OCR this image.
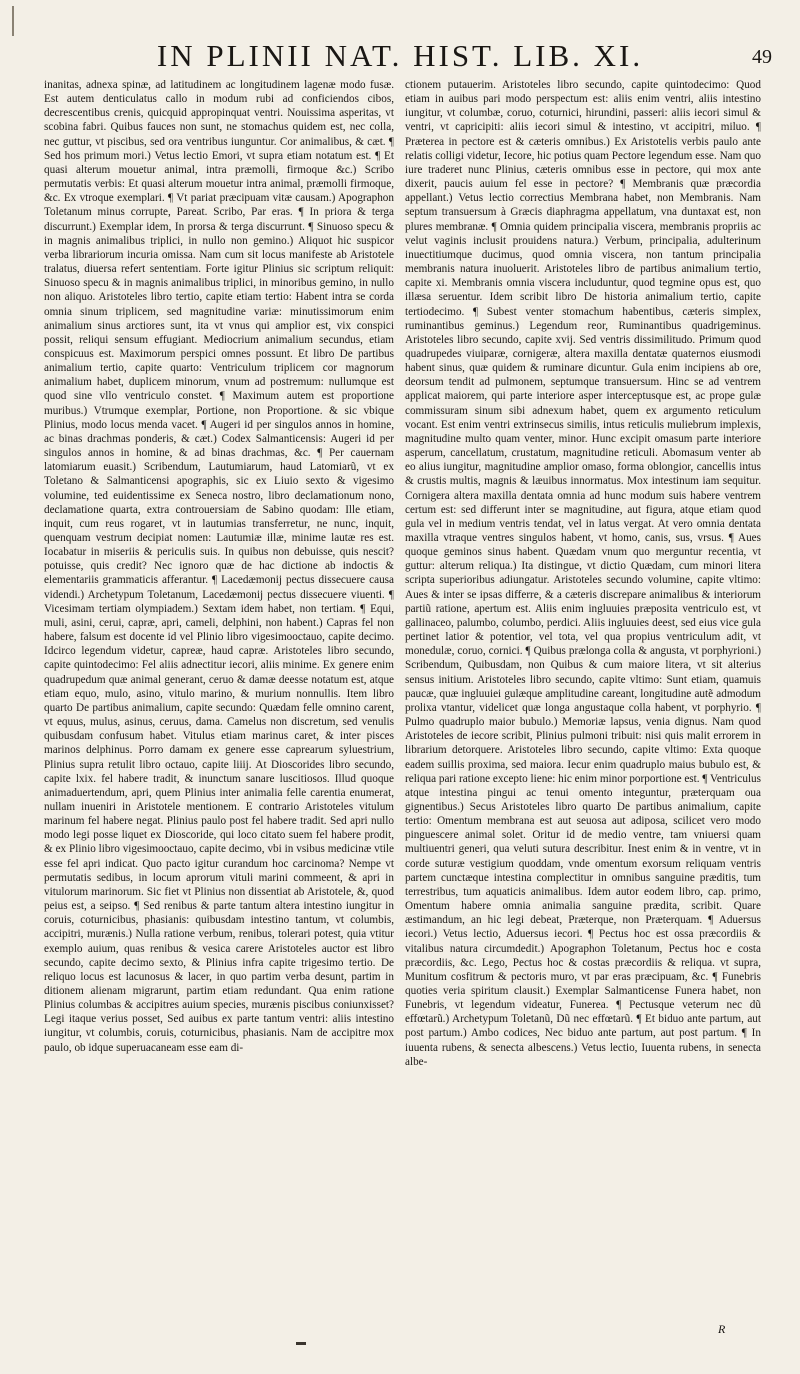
IN PLINII NAT. HIST. LIB. XI.	49

inanitas, adnexa spinæ, ad latitudinem ac longitudinem lagenæ modo fusæ. Est autem denticulatus callo in modum rubi ad conficiendos cibos, decrescentibus crenis, quicquid appropinquat ventri. Nouissima asperitas, vt scobina fabri. Quibus fauces non sunt, ne stomachus quidem est, nec colla, nec guttur, vt piscibus, sed ora ventribus iunguntur. Cor animalibus, & cæt. ¶ Sed hos primum mori.) Vetus lectio Emori, vt supra etiam notatum est. ¶ Et quasi alterum mouetur animal, intra præmolli, firmoque &c.) Scribo permutatis verbis: Et quasi alterum mouetur intra animal, præmolli firmoque, &c. Ex vtroque exemplari. ¶ Vt pariat præcipuam vitæ causam.) Apographon Toletanum minus corrupte, Pareat. Scribo, Par eras. ¶ In priora & terga discurrunt.) Exemplar idem, In prorsa & terga discurrunt. ¶ Sinuoso specu & in magnis animalibus triplici, in nullo non gemino.) Aliquot hic suspicor verba librariorum incuria omissa. Nam cum sit locus manifeste ab Aristotele tralatus, diuersa refert sententiam. Forte igitur Plinius sic scriptum reliquit: Sinuoso specu & in magnis animalibus triplici, in minoribus gemino, in nullo non aliquo. Aristoteles libro tertio, capite etiam tertio: Habent intra se corda omnia sinum triplicem, sed magnitudine variæ: minutissimorum enim animalium sinus arctiores sunt, ita vt vnus qui amplior est, vix conspici possit, reliqui sensum effugiant. Mediocrium animalium secundus, etiam conspicuus est. Maximorum perspici omnes possunt. Et libro De partibus animalium tertio, capite quarto: Ventriculum triplicem cor magnorum animalium habet, duplicem minorum, vnum ad postremum: nullumque est quod sine vllo ventriculo constet. ¶ Maximum autem est proportione muribus.) Vtrumque exemplar, Portione, non Proportione. & sic vbique Plinius, modo locus menda vacet. ¶ Augeri id per singulos annos in homine, ac binas drachmas ponderis, & cæt.) Codex Salmanticensis: Augeri id per singulos annos in homine, & ad binas drachmas, &c. ¶ Per cauernam latomiarum euasit.) Scribendum, Lautumiarum, haud Latomiarũ, vt ex Toletano & Salmanticensi apographis, sic ex Liuio sexto & vigesimo volumine, ted euidentissime ex Seneca nostro, libro declamationum nono, declamatione quarta, extra controuersiam de Sabino quodam: Ille etiam, inquit, cum reus rogaret, vt in lautumias transferretur, ne nunc, inquit, quenquam vestrum decipiat nomen: Lautumiæ illæ, minime lautæ res est. Iocabatur in miseriis & periculis suis. In quibus non debuisse, quis nescit? potuisse, quis credit? Nec ignoro quæ de hac dictione ab indoctis & elementariis grammaticis afferantur. ¶ Lacedæmonij pectus dissecuere causa videndi.) Archetypum Toletanum, Lacedæmonij pectus dissecuere viuenti. ¶ Vicesimam tertiam olympiadem.) Sextam idem habet, non tertiam. ¶ Equi, muli, asini, cerui, capræ, apri, cameli, delphini, non habent.) Capras fel non habere, falsum est docente id vel Plinio libro vigesimooctauo, capite decimo. Idcirco legendum videtur, capreæ, haud capræ. Aristoteles libro secundo, capite quintodecimo: Fel aliis adnectitur iecori, aliis minime. Ex genere enim quadrupedum quæ animal generant, ceruo & damæ deesse notatum est, atque etiam equo, mulo, asino, vitulo marino, & murium nonnullis. Item libro quarto De partibus animalium, capite secundo: Quædam felle omnino carent, vt equus, mulus, asinus, ceruus, dama. Camelus non discretum, sed venulis quibusdam confusum habet. Vitulus etiam marinus caret, & inter pisces marinos delphinus. Porro damam ex genere esse caprearum syluestrium, Plinius supra retulit libro octauo, capite liiij. At Dioscorides libro secundo, capite lxix. fel habere tradit, & inunctum sanare luscitiosos. Illud quoque animaduertendum, apri, quem Plinius inter animalia felle carentia enumerat, nullam inueniri in Aristotele mentionem. E contrario Aristoteles vitulum marinum fel habere negat. Plinius paulo post fel habere tradit. Sed apri nullo modo legi posse liquet ex Dioscoride, qui loco citato suem fel habere prodit, & ex Plinio libro vigesimooctauo, capite decimo, vbi in vsibus medicinæ vtile esse fel apri indicat. Quo pacto igitur curandum hoc carcinoma? Nempe vt permutatis sedibus, in locum aprorum vituli marini commeent, & apri in vitulorum marinorum. Sic fiet vt Plinius non dissentiat ab Aristotele, &, quod peius est, a seipso. ¶ Sed renibus & parte tantum altera intestino iungitur in coruis, coturnicibus, phasianis: quibusdam intestino tantum, vt columbis, accipitri, murænis.) Nulla ratione verbum, renibus, tolerari potest, quia vtitur exemplo auium, quas renibus & vesica carere Aristoteles auctor est libro secundo, capite decimo sexto, & Plinius infra capite trigesimo tertio. De reliquo locus est lacunosus & lacer, in quo partim verba desunt, partim in ditionem alienam migrarunt, partim etiam redundant. Qua enim ratione Plinius columbas & accipitres auium species, murænis piscibus coniunxisset? Legi itaque verius posset, Sed auibus ex parte tantum ventri: aliis intestino iungitur, vt columbis, coruis, coturnicibus, phasianis. Nam de accipitre mox paulo, ob idque superuacaneam esse eam di-

ctionem putauerim. Aristoteles libro secundo, capite quintodecimo: Quod etiam in auibus pari modo perspectum est: aliis enim ventri, aliis intestino iungitur, vt columbæ, coruo, coturnici, hirundini, passeri: aliis iecori simul & ventri, vt capricipiti: aliis iecori simul & intestino, vt accipitri, miluo. ¶ Præterea in pectore est & cæteris omnibus.) Ex Aristotelis verbis paulo ante relatis colligi videtur, Iecore, hic potius quam Pectore legendum esse. Nam quo iure traderet nunc Plinius, cæteris omnibus esse in pectore, qui mox ante dixerit, paucis auium fel esse in pectore? ¶ Membranis quæ præcordia appellant.) Vetus lectio correctius Membrana habet, non Membranis. Nam septum transuersum à Græcis diaphragma appellatum, vna duntaxat est, non plures membranæ. ¶ Omnia quidem principalia viscera, membranis propriis ac velut vaginis inclusit prouidens natura.) Verbum, principalia, adulterinum inuectitiumque ducimus, quod omnia viscera, non tantum principalia membranis natura inuoluerit. Aristoteles libro de partibus animalium tertio, capite xi. Membranis omnia viscera includuntur, quod tegmine opus est, quo illæsa seruentur. Idem scribit libro De historia animalium tertio, capite tertiodecimo. ¶ Subest venter stomachum habentibus, cæteris simplex, ruminantibus geminus.) Legendum reor, Ruminantibus quadrigeminus. Aristoteles libro secundo, capite xvij. Sed ventris dissimilitudo. Primum quod quadrupedes viuiparæ, cornigeræ, altera maxilla dentatæ quaternos eiusmodi habent sinus, quæ quidem & ruminare dicuntur. Gula enim incipiens ab ore, deorsum tendit ad pulmonem, septumque transuersum. Hinc se ad ventrem applicat maiorem, qui parte interiore asper interceptusque est, ac prope gulæ commissuram sinum sibi adnexum habet, quem ex argumento reticulum vocant. Est enim ventri extrinsecus similis, intus reticulis muliebrum implexis, magnitudine multo quam venter, minor. Hunc excipit omasum parte interiore asperum, cancellatum, crustatum, magnitudine reticuli. Abomasum venter ab eo alius iungitur, magnitudine amplior omaso, forma oblongior, cancellis intus & crustis multis, magnis & læuibus innormatus. Mox intestinum iam sequitur. Cornigera altera maxilla dentata omnia ad hunc modum suis habere ventrem certum est: sed differunt inter se magnitudine, aut figura, atque etiam quod gula vel in medium ventris tendat, vel in latus vergat. At vero omnia dentata maxilla vtraque ventres singulos habent, vt homo, canis, sus, vrsus. ¶ Aues quoque geminos sinus habent. Quædam vnum quo merguntur recentia, vt guttur: alterum reliqua.) Ita distingue, vt dictio Quædam, cum minori litera scripta superioribus adiungatur. Aristoteles secundo volumine, capite vltimo: Aues & inter se ipsas differre, & a cæteris discrepare animalibus & interiorum partiũ ratione, apertum est. Aliis enim ingluuies præposita ventriculo est, vt gallinaceo, palumbo, columbo, perdici. Aliis ingluuies deest, sed eius vice gula pertinet latior & potentior, vel tota, vel qua propius ventriculum adit, vt monedulæ, coruo, cornici. ¶ Quibus prælonga colla & angusta, vt porphyrioni.) Scribendum, Quibusdam, non Quibus & cum maiore litera, vt sit alterius sensus initium. Aristoteles libro secundo, capite vltimo: Sunt etiam, quamuis paucæ, quæ ingluuiei gulæque amplitudine careant, longitudine autẽ admodum prolixa vtantur, videlicet quæ longa angustaque colla habent, vt porphyrio. ¶ Pulmo quadruplo maior bubulo.) Memoriæ lapsus, venia dignus. Nam quod Aristoteles de iecore scribit, Plinius pulmoni tribuit: nisi quis malit errorem in librarium detorquere. Aristoteles libro secundo, capite vltimo: Exta quoque eadem suillis proxima, sed maiora. Iecur enim quadruplo maius bubulo est, & reliqua pari ratione excepto liene: hic enim minor porportione est. ¶ Ventriculus atque intestina pingui ac tenui omento integuntur, præterquam oua gignentibus.) Secus Aristoteles libro quarto De partibus animalium, capite tertio: Omentum membrana est aut seuosa aut adiposa, scilicet vero modo pinguescere animal solet. Oritur id de medio ventre, tam vniuersi quam multiuentri generi, qua veluti sutura describitur. Inest enim & in ventre, vt in corde suturæ vestigium quoddam, vnde omentum exorsum reliquam ventris partem cunctæque intestina complectitur in omnibus sanguine præditis, tum terrestribus, tum aquaticis animalibus. Idem autor eodem libro, cap. primo, Omentum habere omnia animalia sanguine prædita, scribit. Quare æstimandum, an hic legi debeat, Præterque, non Præterquam. ¶ Aduersus iecori.) Vetus lectio, Aduersus iecori. ¶ Pectus hoc est ossa præcordiis & vitalibus natura circumdedit.) Apographon Toletanum, Pectus hoc e costa præcordiis, &c. Lego, Pectus hoc & costas præcordiis & reliqua. vt supra, Munitum cosfitrum & pectoris muro, vt par eras præcipuam, &c. ¶ Funebris quoties veria spiritum clausit.) Exemplar Salmanticense Funera habet, non Funebris, vt legendum videatur, Funerea. ¶ Pectusque veterum nec dũ effœtarũ.) Archetypum Toletanũ, Dũ nec effœtarũ. ¶ Et biduo ante partum, aut post partum.) Ambo codices, Nec biduo ante partum, aut post partum. ¶ In iuuenta rubens, & senecta albescens.) Vetus lectio, Iuuenta rubens, in senecta albe-

R
